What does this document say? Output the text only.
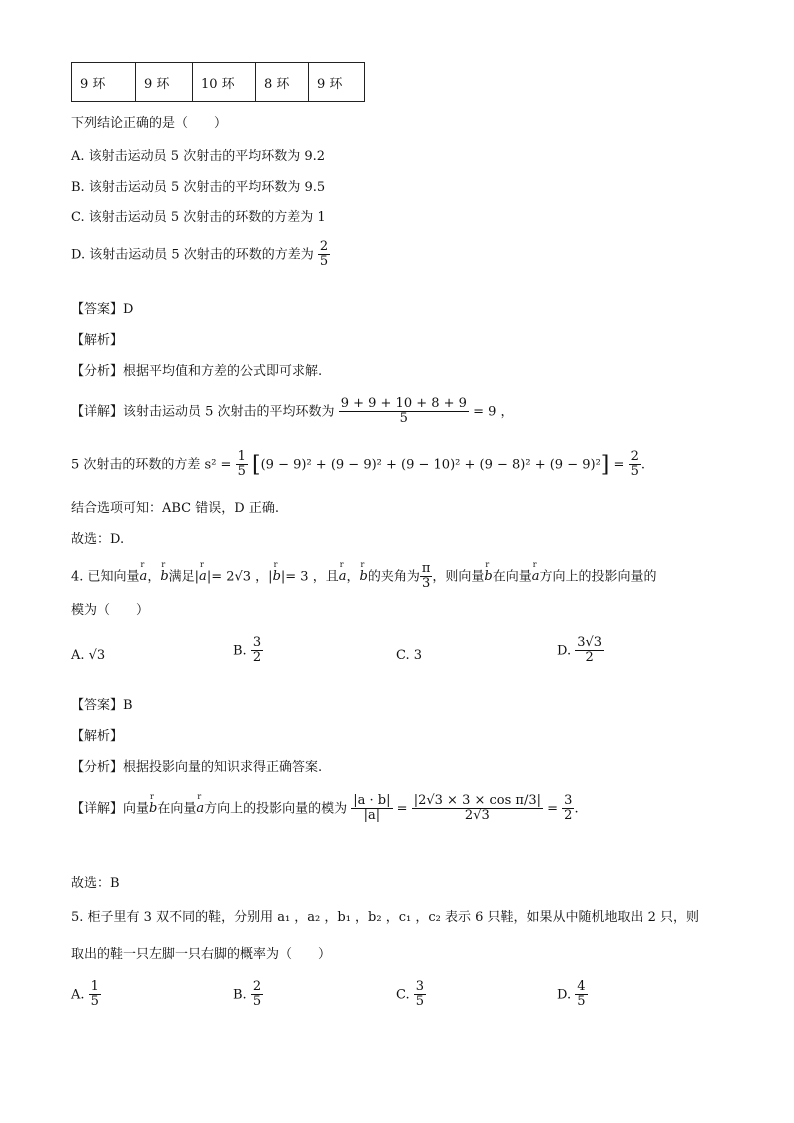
9 环	9 环	10 环	8 环	9 环
下列结论正确的是（　　）
A. 该射击运动员 5 次射击的平均环数为 9.2
B. 该射击运动员 5 次射击的平均环数为 9.5
C. 该射击运动员 5 次射击的环数的方差为 1
D. 该射击运动员 5 次射击的环数的方差为 $\frac{2}{5}$
【答案】D
【解析】
【分析】根据平均值和方差的公式即可求解.
【详解】该射击运动员 5 次射击的平均环数为 $\frac{9 + 9 + 10 + 8 + 9}{5} = 9$ ，
5 次射击的环数的方差 $s^2 = \frac{1}{5} [(9 - 9)^2 + (9 - 9)^2 + (9 - 10)^2 + (9 - 8)^2 + (9 - 9)^2] = \frac{2}{5}$ .
结合选项可知：ABC 错误，D 正确.
故选：D.
4. 已知向量r a，r b满足|r a|= 2√3 ，|r b|= 3 ，且r a，r b的夹角为 $\frac{\pi}{3}$ ，则向量r b在向量r a方向上的投影向量的
模为（　　）
A. √3	B. $\frac{3}{2}$	C. 3	D. $\frac{3√3}{2}$
【答案】B
【解析】
【分析】根据投影向量的知识求得正确答案.
【详解】向量r b在向量r a方向上的投影向量的模为 $\frac{|a \cdot b|}{|a|} = \frac{\text{|2√3 × 3 × cos π/3|}}{2√3} = \frac{3}{2}$ .
故选：B
5. 柜子里有 3 双不同的鞋，分别用 a₁ ，a₂ ，b₁ ，b₂ ，c₁ ，c₂ 表示 6 只鞋，如果从中随机地取出 2 只，则
取出的鞋一只左脚一只右脚的概率为（　　）
A. $\frac{1}{5}$	B. $\frac{2}{5}$	C. $\frac{3}{5}$	D. $\frac{4}{5}$
